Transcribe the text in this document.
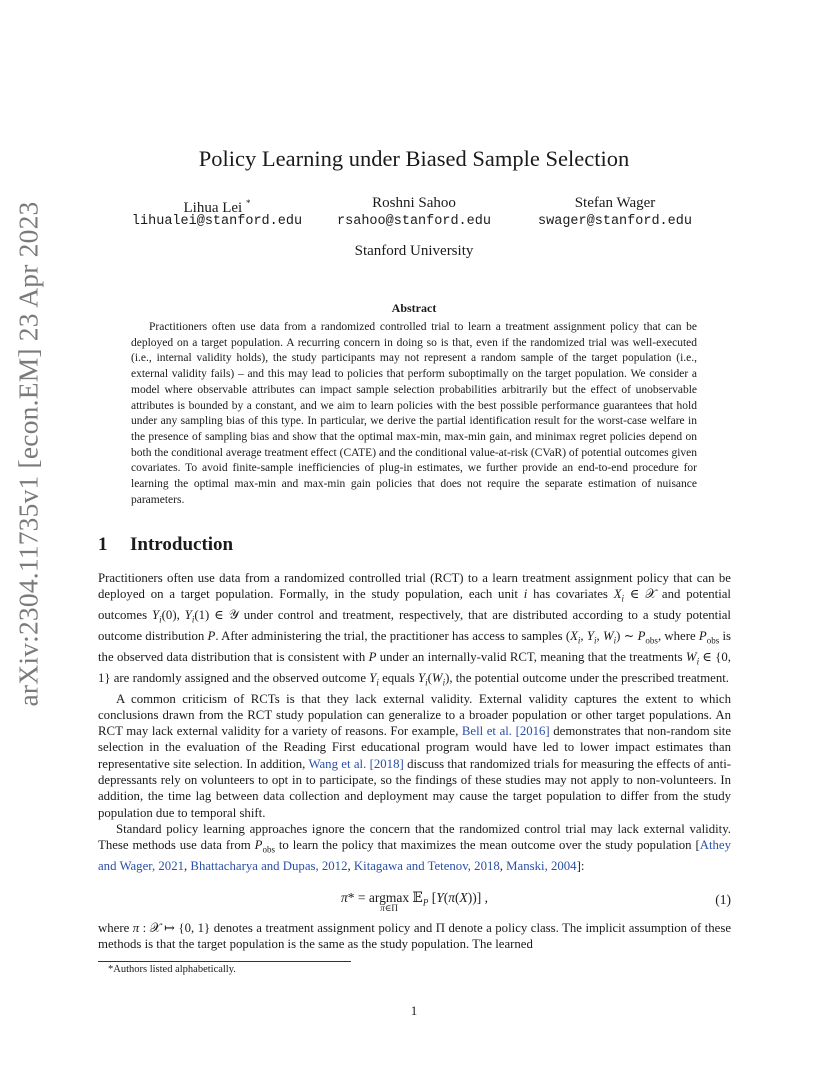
arXiv:2304.11735v1 [econ.EM] 23 Apr 2023
Policy Learning under Biased Sample Selection
Lihua Lei *
lihualei@stanford.edu
Roshni Sahoo
rsahoo@stanford.edu
Stefan Wager
swager@stanford.edu
Stanford University
Abstract

Practitioners often use data from a randomized controlled trial to learn a treatment assignment policy that can be deployed on a target population. A recurring concern in doing so is that, even if the randomized trial was well-executed (i.e., internal validity holds), the study participants may not represent a random sample of the target population (i.e., external validity fails) – and this may lead to policies that perform suboptimally on the target population. We consider a model where observable attributes can impact sample selection probabilities arbitrarily but the effect of unobservable attributes is bounded by a constant, and we aim to learn policies with the best possible performance guarantees that hold under any sampling bias of this type. In particular, we derive the partial identification result for the worst-case welfare in the presence of sampling bias and show that the optimal max-min, max-min gain, and minimax regret policies depend on both the conditional average treatment effect (CATE) and the conditional value-at-risk (CVaR) of potential outcomes given covariates. To avoid finite-sample inefficiencies of plug-in estimates, we further provide an end-to-end procedure for learning the optimal max-min and max-min gain policies that does not require the separate estimation of nuisance parameters.

1 Introduction

Practitioners often use data from a randomized controlled trial (RCT) to a learn treatment assignment policy that can be deployed on a target population. Formally, in the study population, each unit i has covariates $X_i$ ∈ 𝒳 and potential outcomes $Y_i(0)$, $Y_i(1)$ ∈ 𝒴 under control and treatment, respectively, that are distributed according to a study potential outcome distribution P. After administering the trial, the practitioner has access to samples ($X_i$, $Y_i$, $W_i$) ∼ $P_{obs}$, where $P_{obs}$ is the observed data distribution that is consistent with P under an internally-valid RCT, meaning that the treatments $W_i$ ∈ {0, 1} are randomly assigned and the observed outcome $Y_i$ equals $Y_i(W_i)$, the potential outcome under the prescribed treatment.

A common criticism of RCTs is that they lack external validity. External validity captures the extent to which conclusions drawn from the RCT study population can generalize to a broader population or other target populations. An RCT may lack external validity for a variety of reasons. For example, Bell et al. [2016] demonstrates that non-random site selection in the evaluation of the Reading First educational program would have led to lower impact estimates than representative site selection. In addition, Wang et al. [2018] discuss that randomized trials for measuring the effects of anti-depressants rely on volunteers to opt in to participate, so the findings of these studies may not apply to non-volunteers. In addition, the time lag between data collection and deployment may cause the target population to differ from the study population due to temporal shift.

Standard policy learning approaches ignore the concern that the randomized control trial may lack external validity. These methods use data from $P_{obs}$ to learn the policy that maximizes the mean outcome over the study population [Athey and Wager, 2021, Bhattacharya and Dupas, 2012, Kitagawa and Tetenov, 2018, Manski, 2004]:

π* = argmax
π∈Π
𝔼$_P$ [Y(π(X))] ,	(1)

where π : 𝒳 ↦ {0, 1} denotes a treatment assignment policy and Π denote a policy class. The implicit assumption of these methods is that the target population is the same as the study population. The learned

*Authors listed alphabetically.
1
